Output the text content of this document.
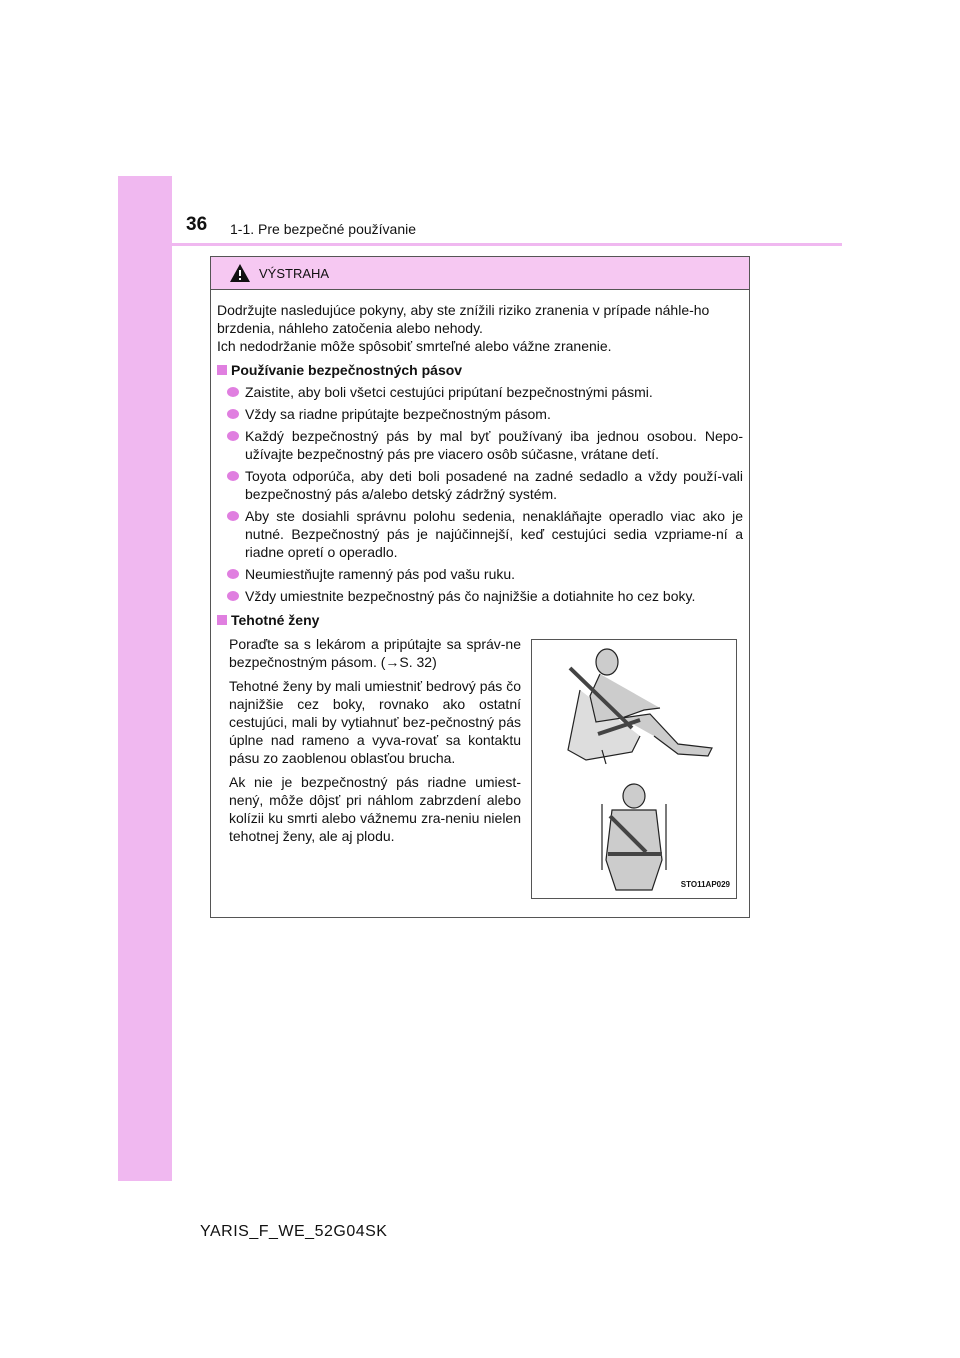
36 1-1. Pre bezpečné používanie
VÝSTRAHA

Dodržujte nasledujúce pokyny, aby ste znížili riziko zranenia v prípade náhle-ho brzdenia, náhleho zatočenia alebo nehody.

Ich nedodržanie môže spôsobiť smrteľné alebo vážne zranenie.

Používanie bezpečnostných pásov
Zaistite, aby boli všetci cestujúci pripútaní bezpečnostnými pásmi.
Vždy sa riadne pripútajte bezpečnostným pásom.
Každý bezpečnostný pás by mal byť používaný iba jednou osobou. Nepo-užívajte bezpečnostný pás pre viacero osôb súčasne, vrátane detí.
Toyota odporúča, aby deti boli posadené na zadné sedadlo a vždy použí-vali bezpečnostný pás a/alebo detský zádržný systém.
Aby ste dosiahli správnu polohu sedenia, nenakláňajte operadlo viac ako je nutné. Bezpečnostný pás je najúčinnejší, keď cestujúci sedia vzpriame-ní a riadne opretí o operadlo.
Neumiestňujte ramenný pás pod vašu ruku.
Vždy umiestnite bezpečnostný pás čo najnižšie a dotiahnite ho cez boky.
Tehotné ženy

Poraďte sa s lekárom a pripútajte sa správ-ne bezpečnostným pásom. (→S. 32)

Tehotné ženy by mali umiestniť bedrový pás čo najnižšie cez boky, rovnako ako ostatní cestujúci, mali by vytiahnuť bez-pečnostný pás úplne nad rameno a vyva-rovať sa kontaktu pásu zo zaoblenou oblasťou brucha.

Ak nie je bezpečnostný pás riadne umiest-nený, môže dôjsť pri náhlom zabrzdení alebo kolízii ku smrti alebo vážnemu zra-neniu nielen tehotnej ženy, ale aj plodu.

STO11AP029
YARIS_F_WE_52G04SK
